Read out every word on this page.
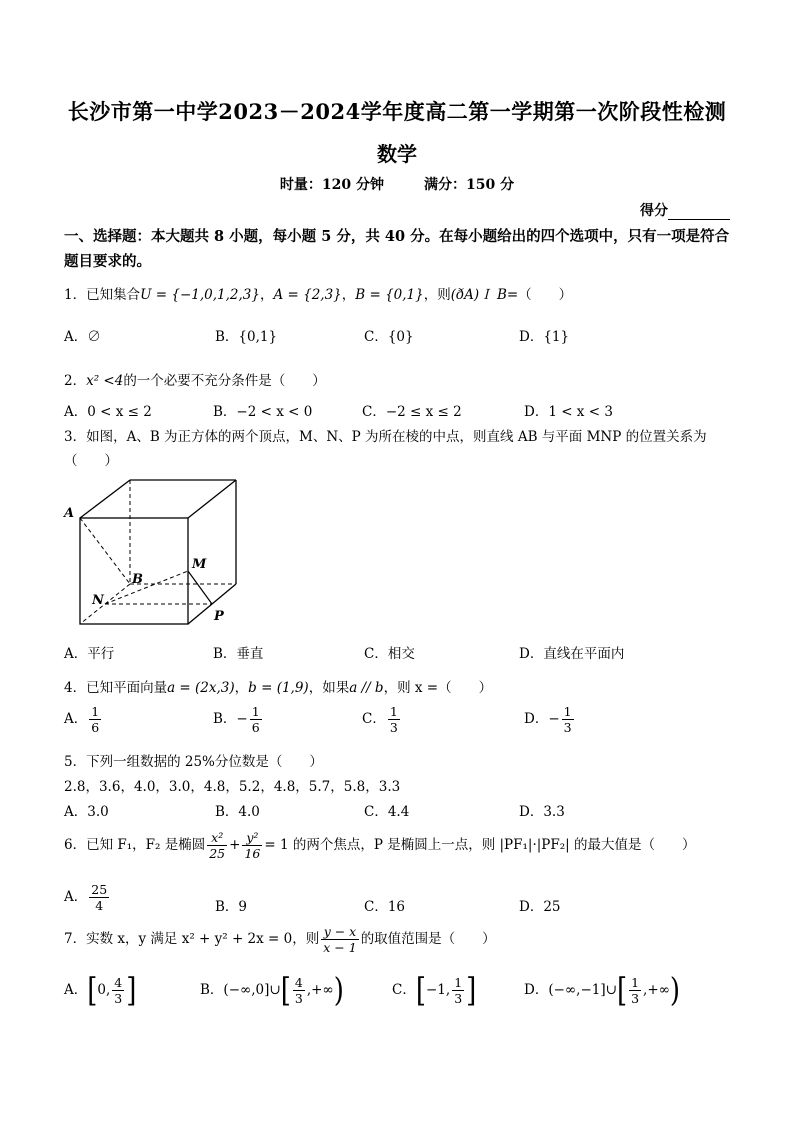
长沙市第一中学2023－2024学年度高二第一学期第一次阶段性检测
数学
时量：120 分钟	满分：150 分
得分
一、选择题：本大题共 8 小题，每小题 5 分，共 40 分。在每小题给出的四个选项中，只有一项是符合题目要求的。
1．已知集合U = {−1,0,1,2,3}，A = {2,3}，B = {0,1}，则(ðA)Ｉ B=（　　）
A．∅	B．{0,1}	C．{0}	D．{1}
2．x² <4的一个必要不充分条件是（　　）
A．0 < x ≤ 2	B．−2 < x < 0	C．−2 ≤ x ≤ 2	D．1 < x < 3
3．如图，A、B 为正方体的两个顶点，M、N、P 为所在棱的中点，则直线 AB 与平面 MNP 的位置关系为
（　　）
A
B
M
N
P
A．平行	B．垂直	C．相交	D．直线在平面内
4．已知平面向量a = (2x,3)，b = (1,9)，如果a // b，则 x =（　　）
A． $\frac{1}{6}$	B．− $\frac{1}{6}$	C． $\frac{1}{3}$	D．− $\frac{1}{3}$
5．下列一组数据的 25%分位数是（　　）
2.8，3.6，4.0，3.0，4.8，5.2，4.8，5.7，5.8，3.3
A．3.0	B．4.0	C．4.4	D．3.3
6．已知 F₁，F₂ 是椭圆 $\frac{\text{x²}}{25} + \frac{\text{y²}}{16} = 1$ 的两个焦点，P 是椭圆上一点，则 |PF₁|·|PF₂| 的最大值是（　　）
A． $\frac{25}{4}$	B．9	C．16	D．25
7．实数 x，y 满足 x² + y² + 2x = 0，则 $\frac{y - x}{x - 1}$ 的取值范围是（　　）
A．[0, $\frac{4}{3}$ ]	B．(−∞,0]∪[ $\frac{4}{3}$ ,+∞)	C．[−1, $\frac{1}{3}$ ]	D．(−∞,−1]∪[ $\frac{1}{3}$ ,+∞)
